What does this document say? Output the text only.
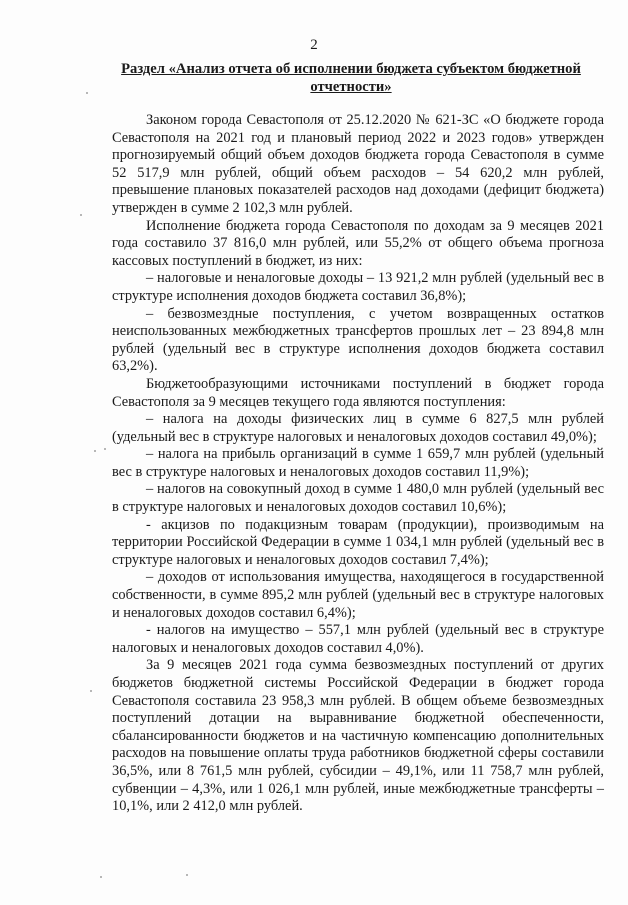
2
Раздел «Анализ отчета об исполнении бюджета субъектом бюджетной отчетности»

Законом города Севастополя от 25.12.2020 № 621-ЗС «О бюджете города Севастополя на 2021 год и плановый период 2022 и 2023 годов» утвержден прогнозируемый общий объем доходов бюджета города Севастополя в сумме 52 517,9 млн рублей, общий объем расходов – 54 620,2 млн рублей, превышение плановых показателей расходов над доходами (дефицит бюджета) утвержден в сумме 2 102,3 млн рублей.

Исполнение бюджета города Севастополя по доходам за 9 месяцев 2021 года составило 37 816,0 млн рублей, или 55,2% от общего объема прогноза кассовых поступлений в бюджет, из них:

– налоговые и неналоговые доходы – 13 921,2 млн рублей (удельный вес в структуре исполнения доходов бюджета составил 36,8%);

– безвозмездные поступления, с учетом возвращенных остатков неиспользованных межбюджетных трансфертов прошлых лет – 23 894,8 млн рублей (удельный вес в структуре исполнения доходов бюджета составил 63,2%).

Бюджетообразующими источниками поступлений в бюджет города Севастополя за 9 месяцев текущего года являются поступления:

– налога на доходы физических лиц в сумме 6 827,5 млн рублей (удельный вес в структуре налоговых и неналоговых доходов составил 49,0%);

– налога на прибыль организаций в сумме 1 659,7 млн рублей (удельный вес в структуре налоговых и неналоговых доходов составил 11,9%);

– налогов на совокупный доход в сумме 1 480,0 млн рублей (удельный вес в структуре налоговых и неналоговых доходов составил 10,6%);

- акцизов по подакцизным товарам (продукции), производимым на территории Российской Федерации в сумме 1 034,1 млн рублей (удельный вес в структуре налоговых и неналоговых доходов составил 7,4%);

– доходов от использования имущества, находящегося в государственной собственности, в сумме 895,2 млн рублей (удельный вес в структуре налоговых и неналоговых доходов составил 6,4%);

- налогов на имущество – 557,1 млн рублей (удельный вес в структуре налоговых и неналоговых доходов составил 4,0%).

За 9 месяцев 2021 года сумма безвозмездных поступлений от других бюджетов бюджетной системы Российской Федерации в бюджет города Севастополя составила 23 958,3 млн рублей. В общем объеме безвозмездных поступлений дотации на выравнивание бюджетной обеспеченности, сбалансированности бюджетов и на частичную компенсацию дополнительных расходов на повышение оплаты труда работников бюджетной сферы составили 36,5%, или 8 761,5 млн рублей, субсидии – 49,1%, или 11 758,7 млн рублей, субвенции – 4,3%, или 1 026,1 млн рублей, иные межбюджетные трансферты – 10,1%, или 2 412,0 млн рублей.
